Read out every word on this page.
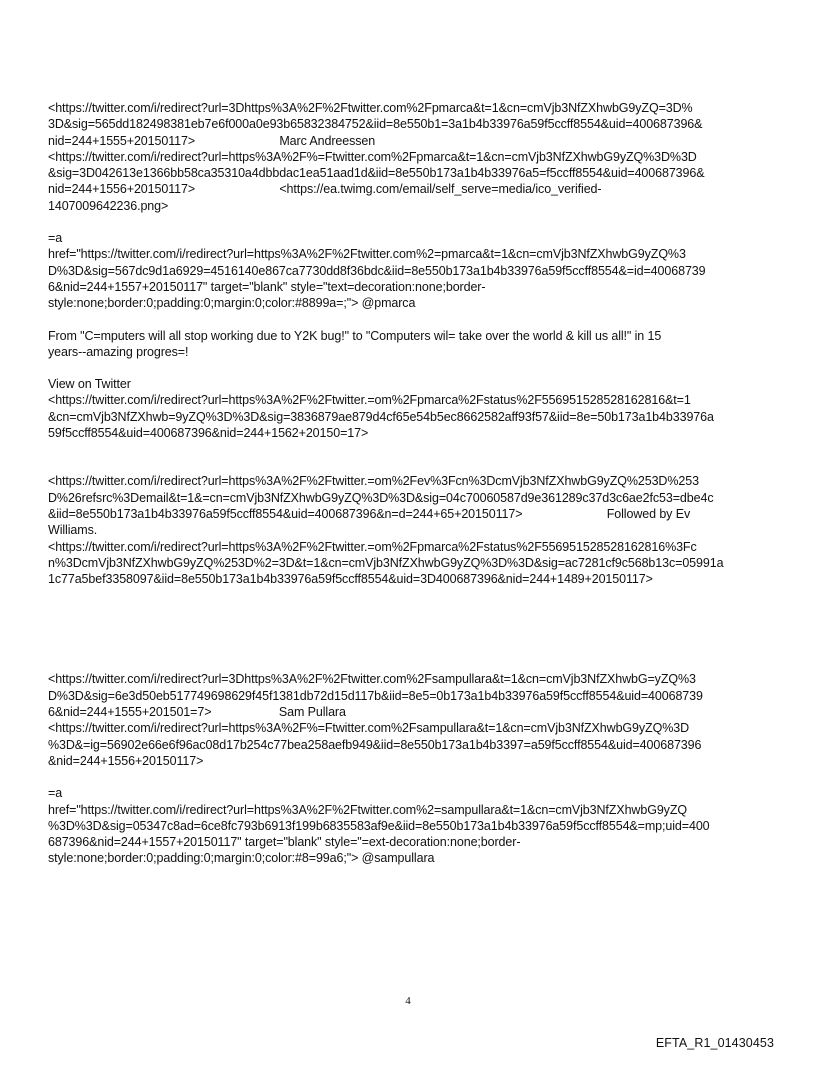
<https://twitter.com/i/redirect?url=3Dhttps%3A%2F%2Ftwitter.com%2Fpmarca&t=1&cn=cmVjb3NfZXhwbG9yZQ=3D%
3D&sig=565dd182498381eb7e6f000a0e93b65832384752&iid=8e550b1=3a1b4b33976a59f5ccff8554&uid=400687396&
nid=244+1555+20150117>                         Marc Andreessen
<https://twitter.com/i/redirect?url=https%3A%2F%=Ftwitter.com%2Fpmarca&t=1&cn=cmVjb3NfZXhwbG9yZQ%3D%3D
&sig=3D042613e1366bb58ca35310a4dbbdac1ea51aad1d&iid=8e550b173a1b4b33976a5=f5ccff8554&uid=400687396&
nid=244+1556+20150117>                         <https://ea.twimg.com/email/self_serve=media/ico_verified-
1407009642236.png>

=a
href="https://twitter.com/i/redirect?url=https%3A%2F%2Ftwitter.com%2=pmarca&t=1&cn=cmVjb3NfZXhwbG9yZQ%3
D%3D&sig=567dc9d1a6929=4516140e867ca7730dd8f36bdc&iid=8e550b173a1b4b33976a59f5ccff8554&=id=40068739
6&nid=244+1557+20150117" target="blank" style="text=decoration:none;border-
style:none;border:0;padding:0;margin:0;color:#8899a=;"> @pmarca

From "C=mputers will all stop working due to Y2K bug!" to "Computers wil= take over the world & kill us all!" in 15
years--amazing progres=!

View on Twitter
<https://twitter.com/i/redirect?url=https%3A%2F%2Ftwitter.=om%2Fpmarca%2Fstatus%2F556951528528162816&t=1
&cn=cmVjb3NfZXhwb=9yZQ%3D%3D&sig=3836879ae879d4cf65e54b5ec8662582aff93f57&iid=8e=50b173a1b4b33976a
59f5ccff8554&uid=400687396&nid=244+1562+20150=17>

<https://twitter.com/i/redirect?url=https%3A%2F%2Ftwitter.=om%2Fev%3Fcn%3DcmVjb3NfZXhwbG9yZQ%253D%253
D%26refsrc%3Demail&t=1&=cn=cmVjb3NfZXhwbG9yZQ%3D%3D&sig=04c70060587d9e361289c37d3c6ae2fc53=dbe4c
&iid=8e550b173a1b4b33976a59f5ccff8554&uid=400687396&n=d=244+65+20150117>                         Followed by Ev
Williams.
<https://twitter.com/i/redirect?url=https%3A%2F%2Ftwitter.=om%2Fpmarca%2Fstatus%2F556951528528162816%3Fc
n%3DcmVjb3NfZXhwbG9yZQ%253D%2=3D&t=1&cn=cmVjb3NfZXhwbG9yZQ%3D%3D&sig=ac7281cf9c568b13c=05991a
1c77a5bef3358097&iid=8e550b173a1b4b33976a59f5ccff8554&uid=3D400687396&nid=244+1489+20150117>

<https://twitter.com/i/redirect?url=3Dhttps%3A%2F%2Ftwitter.com%2Fsampullara&t=1&cn=cmVjb3NfZXhwbG=yZQ%3
D%3D&sig=6e3d50eb517749698629f45f1381db72d15d117b&iid=8e5=0b173a1b4b33976a59f5ccff8554&uid=40068739
6&nid=244+1555+201501=7>                    Sam Pullara
<https://twitter.com/i/redirect?url=https%3A%2F%=Ftwitter.com%2Fsampullara&t=1&cn=cmVjb3NfZXhwbG9yZQ%3D
%3D&=ig=56902e66e6f96ac08d17b254c77bea258aefb949&iid=8e550b173a1b4b3397=a59f5ccff8554&uid=400687396
&nid=244+1556+20150117>

=a
href="https://twitter.com/i/redirect?url=https%3A%2F%2Ftwitter.com%2=sampullara&t=1&cn=cmVjb3NfZXhwbG9yZQ
%3D%3D&sig=05347c8ad=6ce8fc793b6913f199b6835583af9e&iid=8e550b173a1b4b33976a59f5ccff8554&=mp;uid=400
687396&nid=244+1557+20150117" target="blank" style="=ext-decoration:none;border-
style:none;border:0;padding:0;margin:0;color:#8=99a6;"> @sampullara

4
EFTA_R1_01430453
